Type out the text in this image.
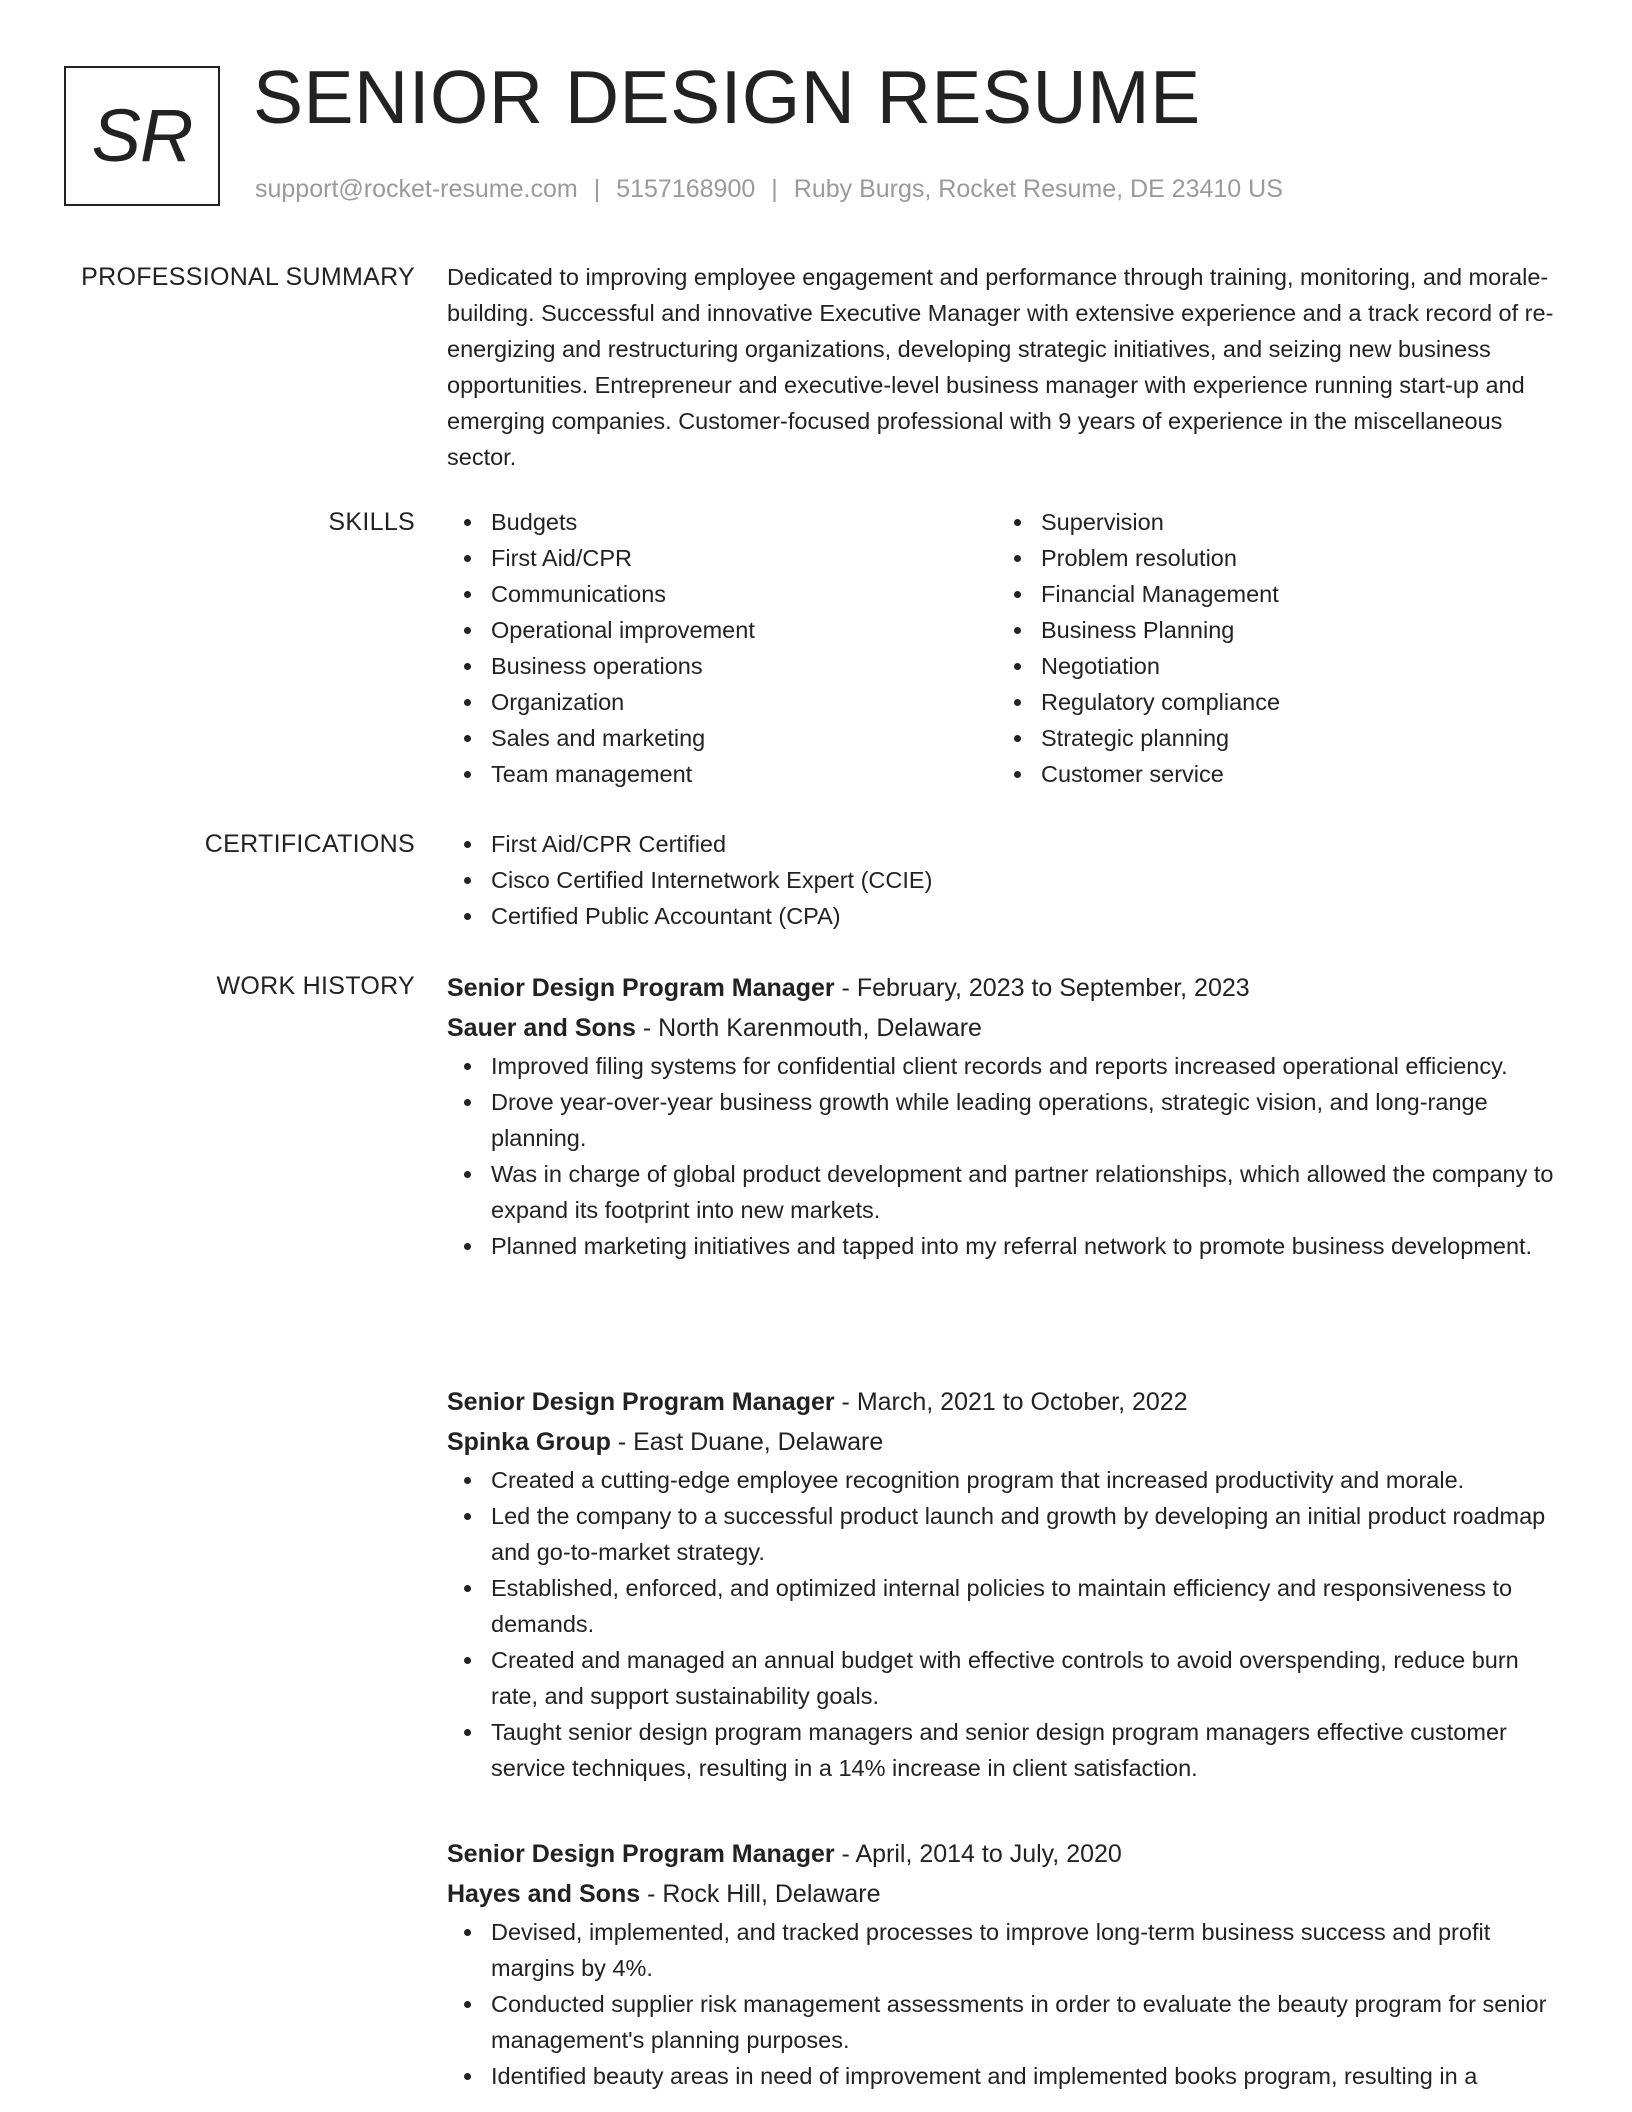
SR SENIOR DESIGN RESUME
support@rocket-resume.com | 5157168900 | Ruby Burgs, Rocket Resume, DE 23410 US
PROFESSIONAL SUMMARY Dedicated to improving employee engagement and performance through training, monitoring, and morale-building. Successful and innovative Executive Manager with extensive experience and a track record of re-energizing and restructuring organizations, developing strategic initiatives, and seizing new business opportunities. Entrepreneur and executive-level business manager with experience running start-up and emerging companies. Customer-focused professional with 9 years of experience in the miscellaneous sector.

SKILLS	Budgets
First Aid/CPR
Communications
Operational improvement
Business operations
Organization
Sales and marketing
Team management
Supervision
Problem resolution
Financial Management
Business Planning
Negotiation
Regulatory compliance
Strategic planning
Customer service
CERTIFICATIONS	First Aid/CPR Certified
Cisco Certified Internetwork Expert (CCIE)
Certified Public Accountant (CPA)
WORK HISTORY Senior Design Program Manager - February, 2023 to September, 2023
Sauer and Sons - North Karenmouth, Delaware
Improved filing systems for confidential client records and reports increased operational efficiency.
Drove year-over-year business growth while leading operations, strategic vision, and long-range planning.
Was in charge of global product development and partner relationships, which allowed the company to expand its footprint into new markets.
Planned marketing initiatives and tapped into my referral network to promote business development.
Senior Design Program Manager - March, 2021 to October, 2022
Spinka Group - East Duane, Delaware
Created a cutting-edge employee recognition program that increased productivity and morale.
Led the company to a successful product launch and growth by developing an initial product roadmap and go-to-market strategy.
Established, enforced, and optimized internal policies to maintain efficiency and responsiveness to demands.
Created and managed an annual budget with effective controls to avoid overspending, reduce burn rate, and support sustainability goals.
Taught senior design program managers and senior design program managers effective customer service techniques, resulting in a 14% increase in client satisfaction.
Senior Design Program Manager - April, 2014 to July, 2020
Hayes and Sons - Rock Hill, Delaware
Devised, implemented, and tracked processes to improve long-term business success and profit margins by 4%.
Conducted supplier risk management assessments in order to evaluate the beauty program for senior management's planning purposes.
Identified beauty areas in need of improvement and implemented books program, resulting in a
